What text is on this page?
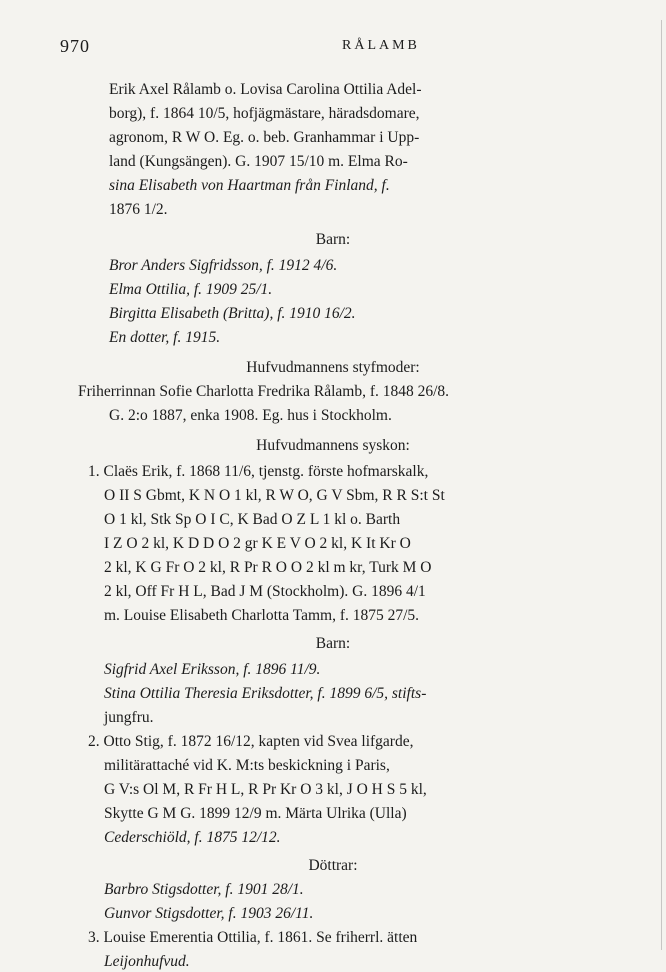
970	RÅLAMB
Erik Axel Rålamb o. Lovisa Carolina Ottilia Adel-
borg), f. 1864 10/5, hofjägmästare, häradsdomare,
agronom, R W O. Eg. o. beb. Granhammar i Upp-
land (Kungsängen). G. 1907 15/10 m. Elma Ro-
sina Elisabeth von Haartman från Finland, f.
1876 1/2.
Barn:
Bror Anders Sigfridsson, f. 1912 4/6.
Elma Ottilia, f. 1909 25/1.
Birgitta Elisabeth (Britta), f. 1910 16/2.
En dotter, f. 1915.
Hufvudmannens styfmoder:
Friherrinnan Sofie Charlotta Fredrika Rålamb, f. 1848 26/8.
G. 2:o 1887, enka 1908. Eg. hus i Stockholm.
Hufvudmannens syskon:
1. Claës Erik, f. 1868 11/6, tjenstg. förste hofmarskalk,
O II S Gbmt, K N O 1 kl, R W O, G V Sbm, R R S:t St
O 1 kl, Stk Sp O I C, K Bad O Z L 1 kl o. Barth
I Z O 2 kl, K D D O 2 gr K E V O 2 kl, K It Kr O
2 kl, K G Fr O 2 kl, R Pr R O O 2 kl m kr, Turk M O
2 kl, Off Fr H L, Bad J M (Stockholm). G. 1896 4/1
m. Louise Elisabeth Charlotta Tamm, f. 1875 27/5.
Barn:
Sigfrid Axel Eriksson, f. 1896 11/9.
Stina Ottilia Theresia Eriksdotter, f. 1899 6/5, stifts-
jungfru.
2. Otto Stig, f. 1872 16/12, kapten vid Svea lifgarde,
militärattaché vid K. M:ts beskickning i Paris,
G V:s Ol M, R Fr H L, R Pr Kr O 3 kl, J O H S 5 kl,
Skytte G M G. 1899 12/9 m. Märta Ulrika (Ulla)
Cederschiöld, f. 1875 12/12.
Döttrar:
Barbro Stigsdotter, f. 1901 28/1.
Gunvor Stigsdotter, f. 1903 26/11.
3. Louise Emerentia Ottilia, f. 1861. Se friherrl. ätten
Leijonhufvud.
